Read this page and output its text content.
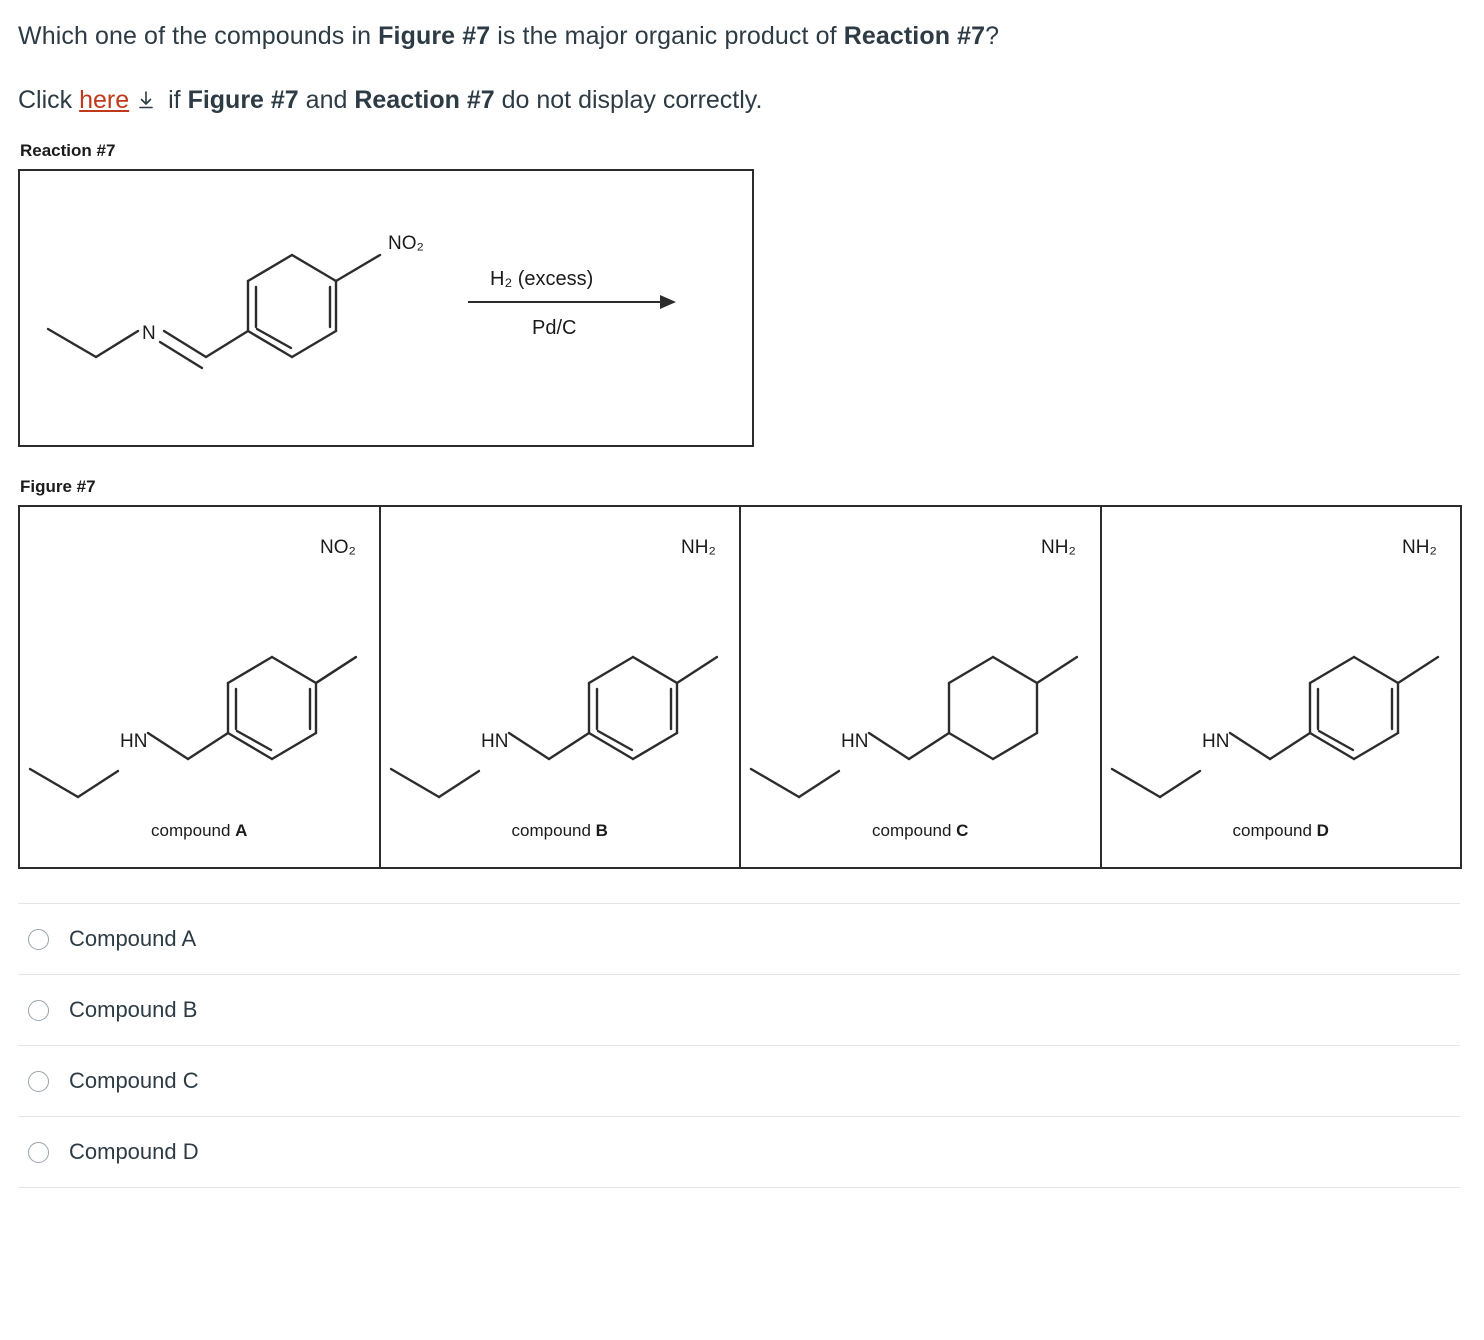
Which one of the compounds in Figure #7 is the major organic product of Reaction #7?

Click here
if Figure #7 and Reaction #7 do not display correctly.

Reaction #7
NO₂
N
H₂ (excess)
Pd/C
Figure #7
HN
NO₂
compound A
HN
NH₂
compound B
HN
NH₂
compound C
HN
NH₂
compound D
Compound A
Compound B
Compound C
Compound D
